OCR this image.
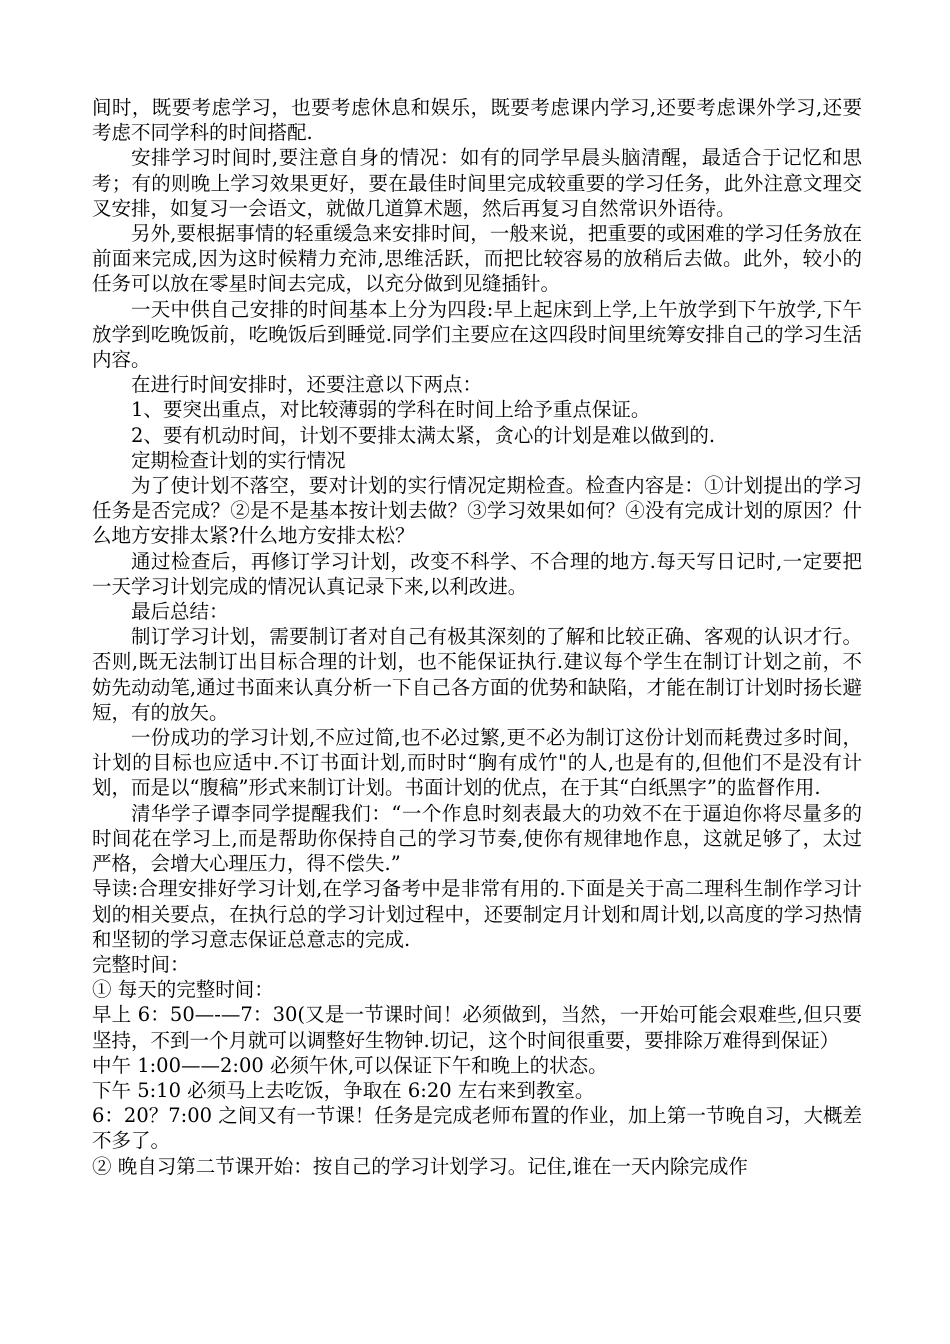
间时，既要考虑学习，也要考虑休息和娱乐，既要考虑课内学习,还要考虑课外学习,还要考虑不同学科的时间搭配.

安排学习时间时,要注意自身的情况：如有的同学早晨头脑清醒，最适合于记忆和思考；有的则晚上学习效果更好，要在最佳时间里完成较重要的学习任务，此外注意文理交叉安排，如复习一会语文，就做几道算术题，然后再复习自然常识外语待。

另外,要根据事情的轻重缓急来安排时间，一般来说，把重要的或困难的学习任务放在前面来完成,因为这时候精力充沛,思维活跃，而把比较容易的放稍后去做。此外，较小的任务可以放在零星时间去完成，以充分做到见缝插针。

一天中供自己安排的时间基本上分为四段:早上起床到上学,上午放学到下午放学,下午放学到吃晚饭前，吃晚饭后到睡觉.同学们主要应在这四段时间里统筹安排自己的学习生活内容。

在进行时间安排时，还要注意以下两点：

1、要突出重点，对比较薄弱的学科在时间上给予重点保证。

2、要有机动时间，计划不要排太满太紧，贪心的计划是难以做到的.

定期检查计划的实行情况

为了使计划不落空，要对计划的实行情况定期检查。检查内容是：①计划提出的学习任务是否完成？②是不是基本按计划去做？③学习效果如何？④没有完成计划的原因？什么地方安排太紧?什么地方安排太松？

通过检查后，再修订学习计划，改变不科学、不合理的地方.每天写日记时,一定要把一天学习计划完成的情况认真记录下来,以利改进。

最后总结：

制订学习计划，需要制订者对自己有极其深刻的了解和比较正确、客观的认识才行。否则,既无法制订出目标合理的计划，也不能保证执行.建议每个学生在制订计划之前，不妨先动动笔,通过书面来认真分析一下自己各方面的优势和缺陷，才能在制订计划时扬长避短，有的放矢。

一份成功的学习计划,不应过简,也不必过繁,更不必为制订这份计划而耗费过多时间，计划的目标也应适中.不订书面计划,而时时“胸有成竹"的人,也是有的,但他们不是没有计划，而是以“腹稿”形式来制订计划。书面计划的优点，在于其“白纸黑字”的监督作用.

清华学子谭李同学提醒我们：“一个作息时刻表最大的功效不在于逼迫你将尽量多的时间花在学习上,而是帮助你保持自己的学习节奏,使你有规律地作息，这就足够了，太过严格，会增大心理压力，得不偿失.”

导读:合理安排好学习计划,在学习备考中是非常有用的.下面是关于高二理科生制作学习计划的相关要点，在执行总的学习计划过程中，还要制定月计划和周计划,以高度的学习热情和坚韧的学习意志保证总意志的完成.

完整时间：

① 每天的完整时间：

早上 6：50—-—7：30(又是一节课时间！必须做到，当然，一开始可能会艰难些,但只要坚持，不到一个月就可以调整好生物钟.切记，这个时间很重要，要排除万难得到保证）

中午 1:00——2:00 必须午休,可以保证下午和晚上的状态。

下午 5:10 必须马上去吃饭，争取在 6:20 左右来到教室。

6：20？7:00 之间又有一节课！任务是完成老师布置的作业，加上第一节晚自习，大概差不多了。

② 晚自习第二节课开始：按自己的学习计划学习。记住,谁在一天内除完成作
